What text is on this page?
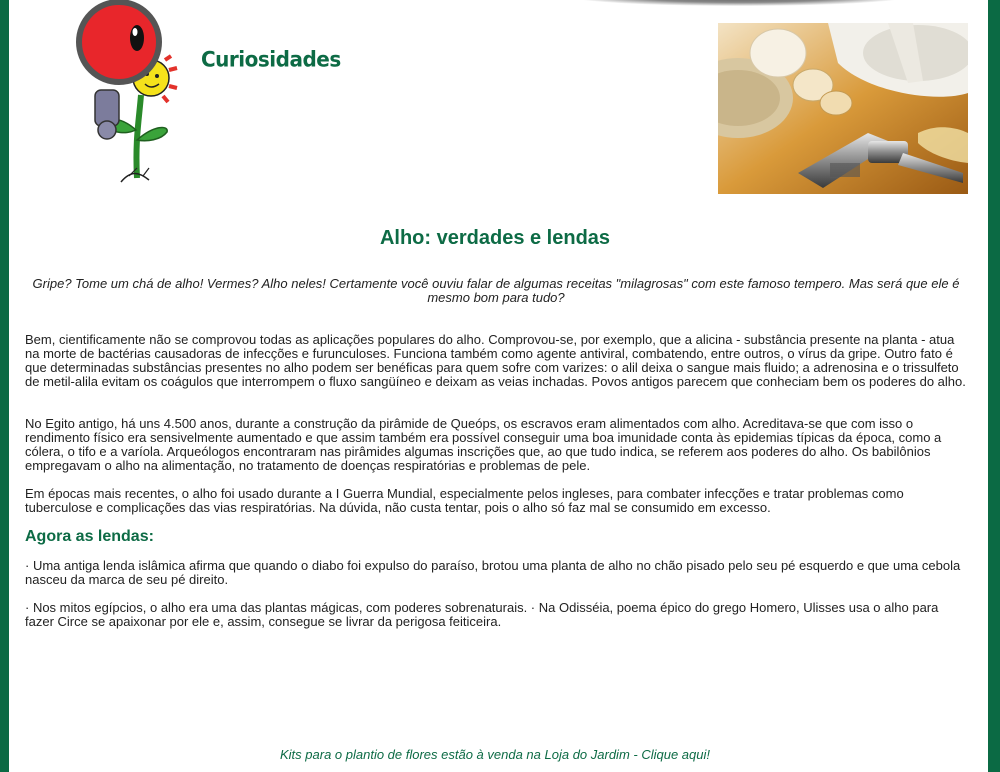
Curiosidades
Alho: verdades e lendas

Gripe? Tome um chá de alho! Vermes? Alho neles! Certamente você ouviu falar de algumas receitas "milagrosas" com este famoso tempero. Mas será que ele é mesmo bom para tudo?

Bem, cientificamente não se comprovou todas as aplicações populares do alho. Comprovou-se, por exemplo, que a alicina - substância presente na planta - atua na morte de bactérias causadoras de infecções e furunculoses. Funciona também como agente antiviral, combatendo, entre outros, o vírus da gripe. Outro fato é que determinadas substâncias presentes no alho podem ser benéficas para quem sofre com varizes: o alil deixa o sangue mais fluido; a adrenosina e o trissulfeto de metil-alila evitam os coágulos que interrompem o fluxo sangüíneo e deixam as veias inchadas. Povos antigos parecem que conheciam bem os poderes do alho.

No Egito antigo, há uns 4.500 anos, durante a construção da pirâmide de Queóps, os escravos eram alimentados com alho. Acreditava-se que com isso o rendimento físico era sensivelmente aumentado e que assim também era possível conseguir uma boa imunidade conta às epidemias típicas da época, como a cólera, o tifo e a varíola. Arqueólogos encontraram nas pirâmides algumas inscrições que, ao que tudo indica, se referem aos poderes do alho. Os babilônios empregavam o alho na alimentação, no tratamento de doenças respiratórias e problemas de pele.

Em épocas mais recentes, o alho foi usado durante a I Guerra Mundial, especialmente pelos ingleses, para combater infecções e tratar problemas como tuberculose e complicações das vias respiratórias. Na dúvida, não custa tentar, pois o alho só faz mal se consumido em excesso.

Agora as lendas:

· Uma antiga lenda islâmica afirma que quando o diabo foi expulso do paraíso, brotou uma planta de alho no chão pisado pelo seu pé esquerdo e que uma cebola nasceu da marca de seu pé direito.

· Nos mitos egípcios, o alho era uma das plantas mágicas, com poderes sobrenaturais. · Na Odisséia, poema épico do grego Homero, Ulisses usa o alho para fazer Circe se apaixonar por ele e, assim, consegue se livrar da perigosa feiticeira.

Kits para o plantio de flores estão à venda na Loja do Jardim - Clique aqui!
